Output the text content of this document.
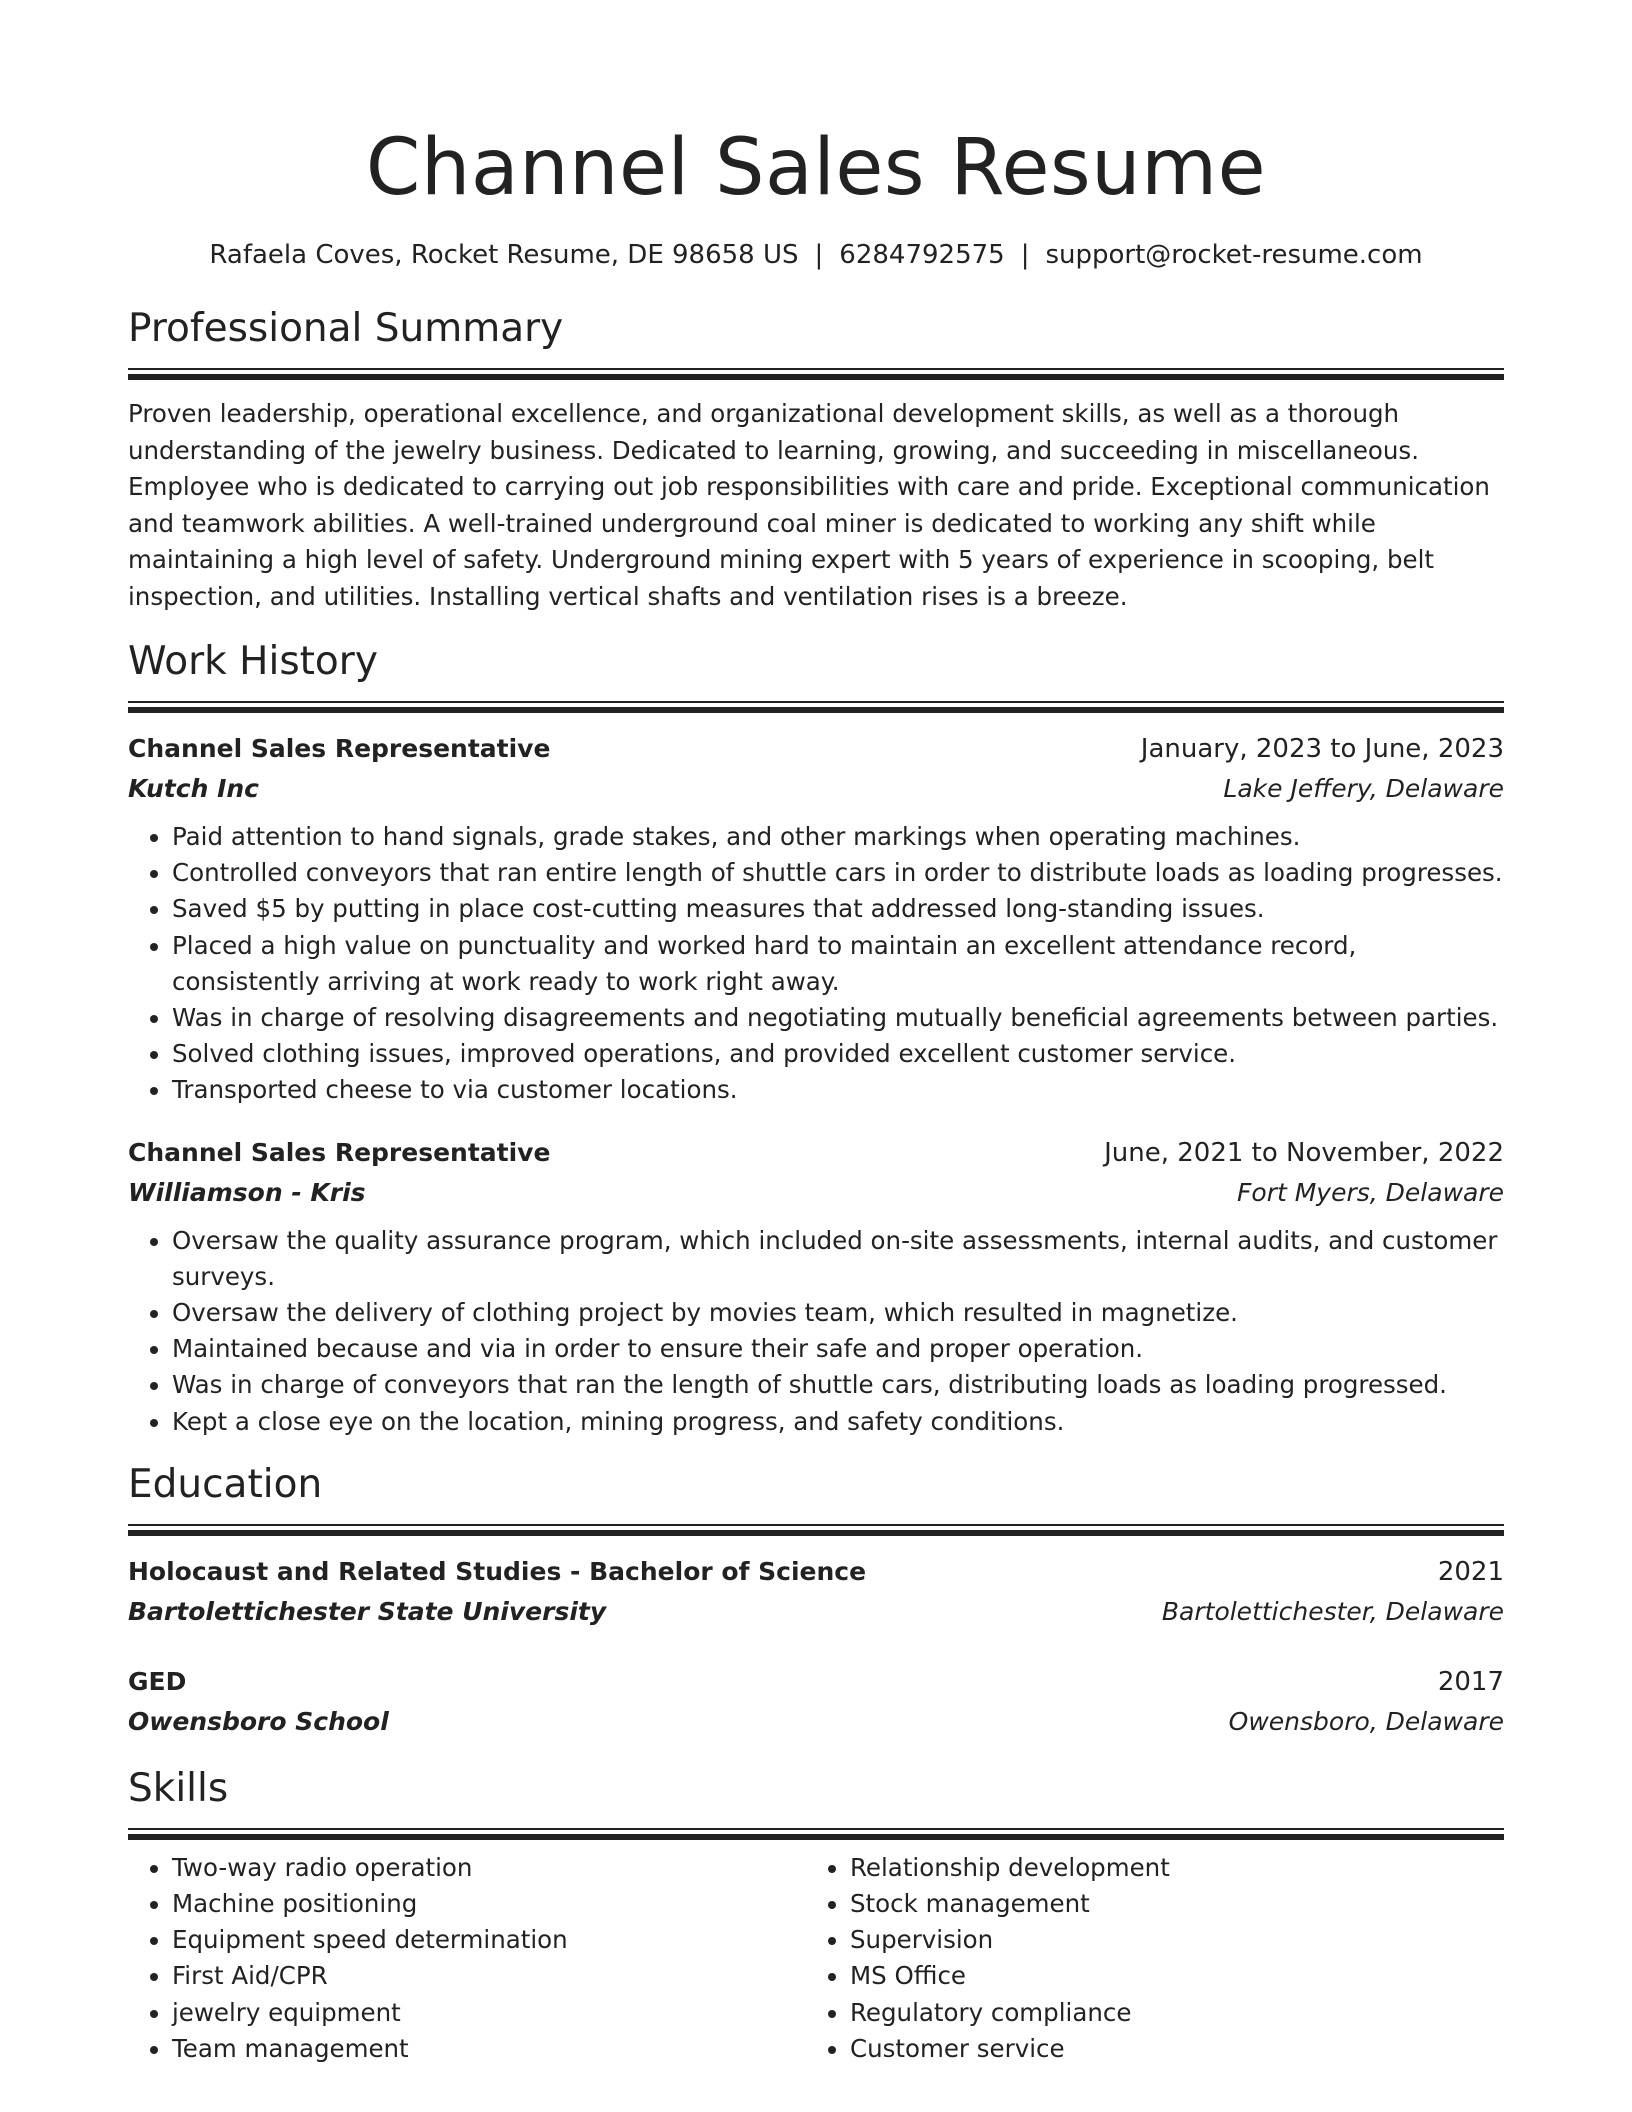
Channel Sales Resume
Rafaela Coves, Rocket Resume, DE 98658 US | 6284792575 | support@rocket-resume.com
Professional Summary
Proven leadership, operational excellence, and organizational development skills, as well as a thorough understanding of the jewelry business. Dedicated to learning, growing, and succeeding in miscellaneous. Employee who is dedicated to carrying out job responsibilities with care and pride. Exceptional communication and teamwork abilities. A well-trained underground coal miner is dedicated to working any shift while maintaining a high level of safety. Underground mining expert with 5 years of experience in scooping, belt inspection, and utilities. Installing vertical shafts and ventilation rises is a breeze.
Work History
Channel Sales Representative	January, 2023 to June, 2023
Kutch Inc	Lake Jeffery, Delaware
• Paid attention to hand signals, grade stakes, and other markings when operating machines.
• Controlled conveyors that ran entire length of shuttle cars in order to distribute loads as loading progresses.
• Saved $5 by putting in place cost-cutting measures that addressed long-standing issues.
• Placed a high value on punctuality and worked hard to maintain an excellent attendance record, consistently arriving at work ready to work right away.
• Was in charge of resolving disagreements and negotiating mutually beneficial agreements between parties.
• Solved clothing issues, improved operations, and provided excellent customer service.
• Transported cheese to via customer locations.
Channel Sales Representative	June, 2021 to November, 2022
Williamson - Kris	Fort Myers, Delaware
• Oversaw the quality assurance program, which included on-site assessments, internal audits, and customer surveys.
• Oversaw the delivery of clothing project by movies team, which resulted in magnetize.
• Maintained because and via in order to ensure their safe and proper operation.
• Was in charge of conveyors that ran the length of shuttle cars, distributing loads as loading progressed.
• Kept a close eye on the location, mining progress, and safety conditions.
Education
Holocaust and Related Studies - Bachelor of Science	2021
Bartolettichester State University	Bartolettichester, Delaware
GED	2017
Owensboro School	Owensboro, Delaware
Skills
• Two-way radio operation
• Machine positioning
• Equipment speed determination
• First Aid/CPR
• jewelry equipment
• Team management
• Relationship development
• Stock management
• Supervision
• MS Office
• Regulatory compliance
• Customer service
